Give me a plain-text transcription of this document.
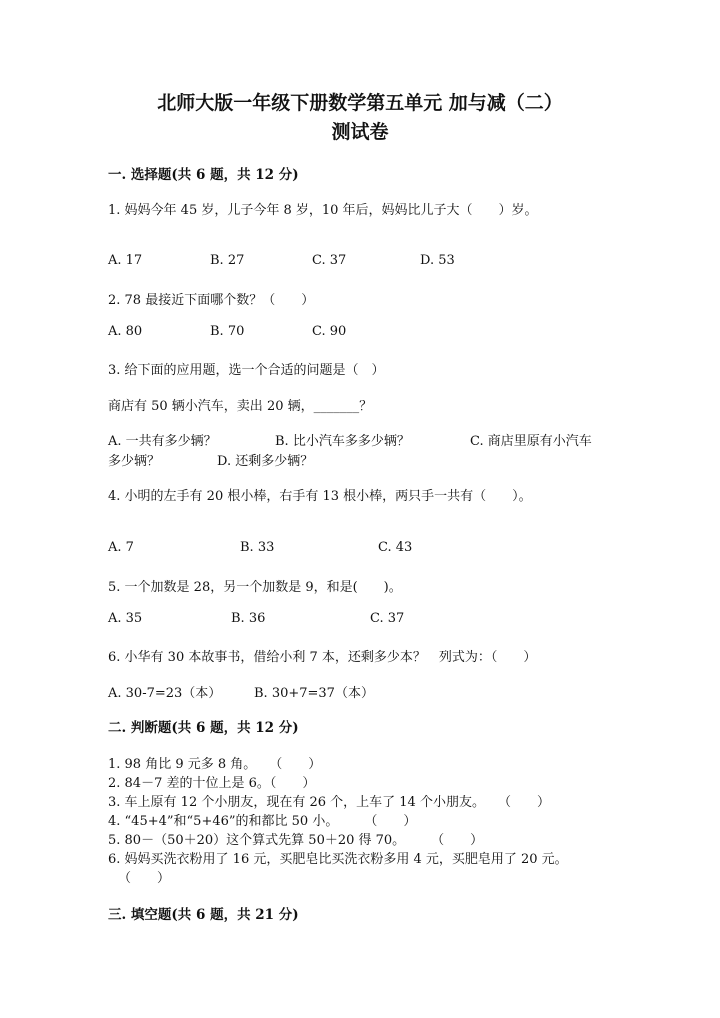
北师大版一年级下册数学第五单元 加与减（二）
测试卷
一. 选择题(共 6 题，共 12 分)
1. 妈妈今年 45 岁，儿子今年 8 岁，10 年后，妈妈比儿子大（　　）岁。
A. 17	B. 27	C. 37	D. 53
2. 78 最接近下面哪个数？（　　）
A. 80	B. 70	C. 90
3. 给下面的应用题，选一个合适的问题是（　）
商店有 50 辆小汽车，卖出 20 辆，_______？
A. 一共有多少辆？	B. 比小汽车多多少辆？	C. 商店里原有小汽车
多少辆？	D. 还剩多少辆？
4. 小明的左手有 20 根小棒，右手有 13 根小棒，两只手一共有（　　）。
A. 7	B. 33	C. 43
5. 一个加数是 28，另一个加数是 9，和是(　　)。
A. 35	B. 36	C. 37
6. 小华有 30 本故事书，借给小利 7 本，还剩多少本？　列式为：（　　）
A. 30-7=23（本）	B. 30+7=37（本）
二. 判断题(共 6 题，共 12 分)
1. 98 角比 9 元多 8 角。　　（　　）
2. 84－7 差的十位上是 6。（　　）
3. 车上原有 12 个小朋友，现在有 26 个，上车了 14 个小朋友。　　（　　）
4. “45+4”和“5+46”的和都比 50 小。　　　（　　）
5. 80－（50＋20）这个算式先算 50＋20 得 70。　　　（　　）
6. 妈妈买洗衣粉用了 16 元，买肥皂比买洗衣粉多用 4 元，买肥皂用了 20 元。
（　　）
三. 填空题(共 6 题，共 21 分)
